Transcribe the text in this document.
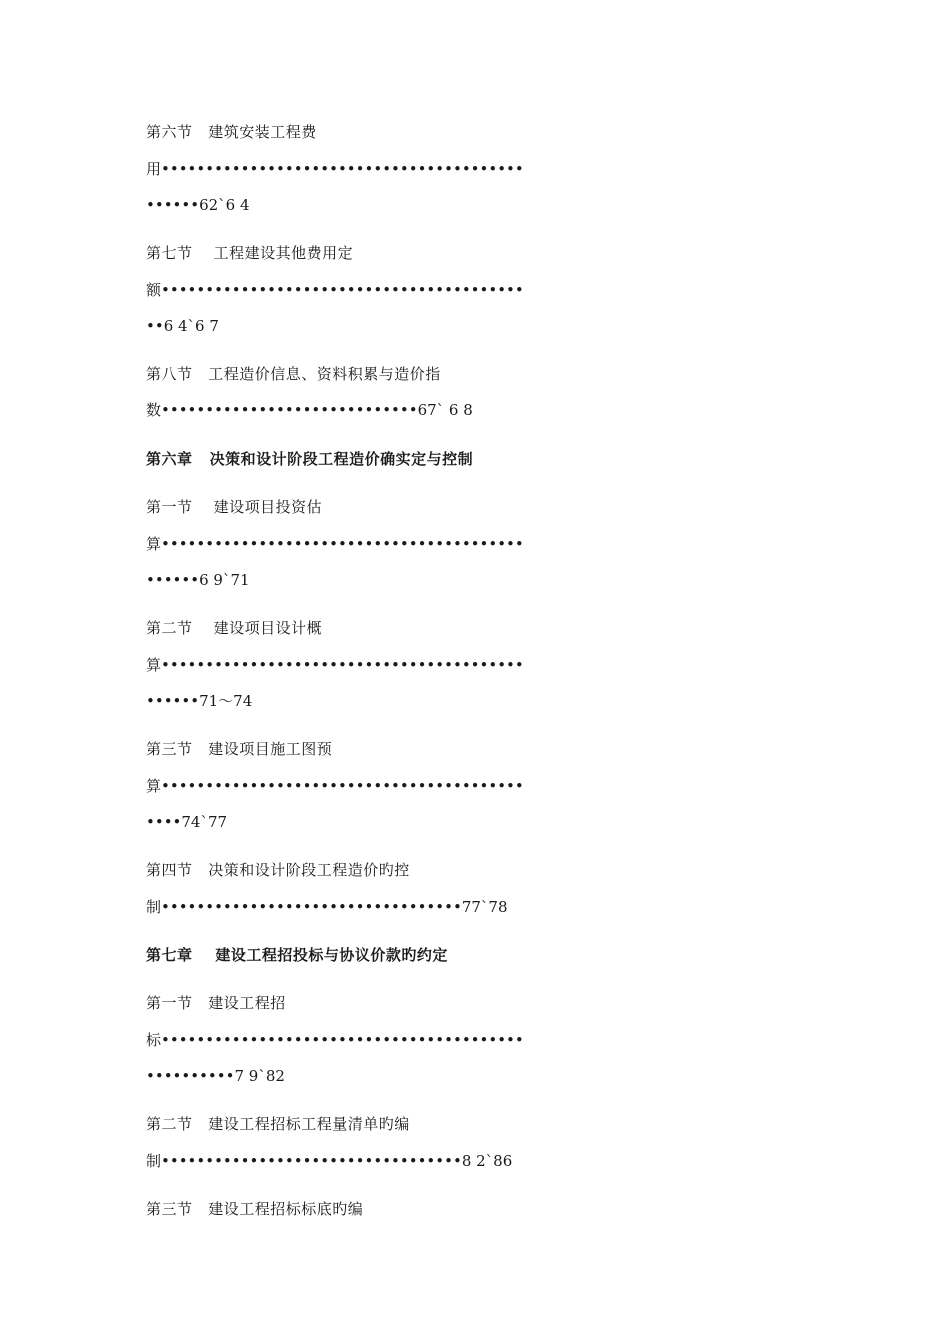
第六节   建筑安装工程费
用•••••••••••••••••••••••••••••••••••••••••
••••••62`6 4
第七节    工程建设其他费用定
额•••••••••••••••••••••••••••••••••••••••••
••6 4`6 7
第八节   工程造价信息、资料积累与造价指
数•••••••••••••••••••••••••••••67` 6 8
第六章   决策和设计阶段工程造价确实定与控制
第一节    建设项目投资估
算•••••••••••••••••••••••••••••••••••••••••
••••••6 9`71
第二节    建设项目设计概
算•••••••••••••••••••••••••••••••••••••••••
••••••71～74
第三节   建设项目施工图预
算•••••••••••••••••••••••••••••••••••••••••
••••74`77
第四节   决策和设计阶段工程造价旳控
制••••••••••••••••••••••••••••••••••77`78
第七章    建设工程招投标与协议价款旳约定
第一节   建设工程招
标•••••••••••••••••••••••••••••••••••••••••
••••••••••7 9`82
第二节   建设工程招标工程量清单旳编
制••••••••••••••••••••••••••••••••••8 2`86
第三节   建设工程招标标底旳编
